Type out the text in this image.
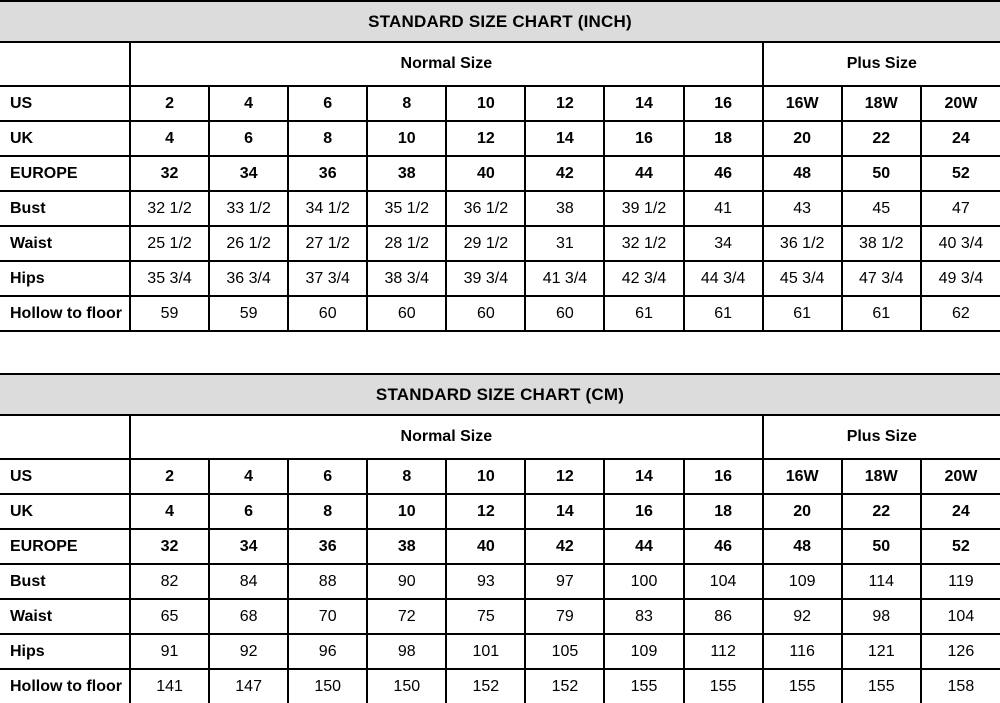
STANDARD SIZE CHART (INCH)
	Normal Size								Plus Size		
US	2	4	6	8	10	12	14	16	16W	18W	20W
UK	4	6	8	10	12	14	16	18	20	22	24
EUROPE	32	34	36	38	40	42	44	46	48	50	52
Bust	32 1/2	33 1/2	34 1/2	35 1/2	36 1/2	38	39 1/2	41	43	45	47
Waist	25 1/2	26 1/2	27 1/2	28 1/2	29 1/2	31	32 1/2	34	36 1/2	38 1/2	40 3/4
Hips	35 3/4	36 3/4	37 3/4	38 3/4	39 3/4	41 3/4	42 3/4	44 3/4	45 3/4	47 3/4	49 3/4
Hollow to floor	59	59	60	60	60	60	61	61	61	61	62
STANDARD SIZE CHART (CM)
	Normal Size								Plus Size		
US	2	4	6	8	10	12	14	16	16W	18W	20W
UK	4	6	8	10	12	14	16	18	20	22	24
EUROPE	32	34	36	38	40	42	44	46	48	50	52
Bust	82	84	88	90	93	97	100	104	109	114	119
Waist	65	68	70	72	75	79	83	86	92	98	104
Hips	91	92	96	98	101	105	109	112	116	121	126
Hollow to floor	141	147	150	150	152	152	155	155	155	155	158
